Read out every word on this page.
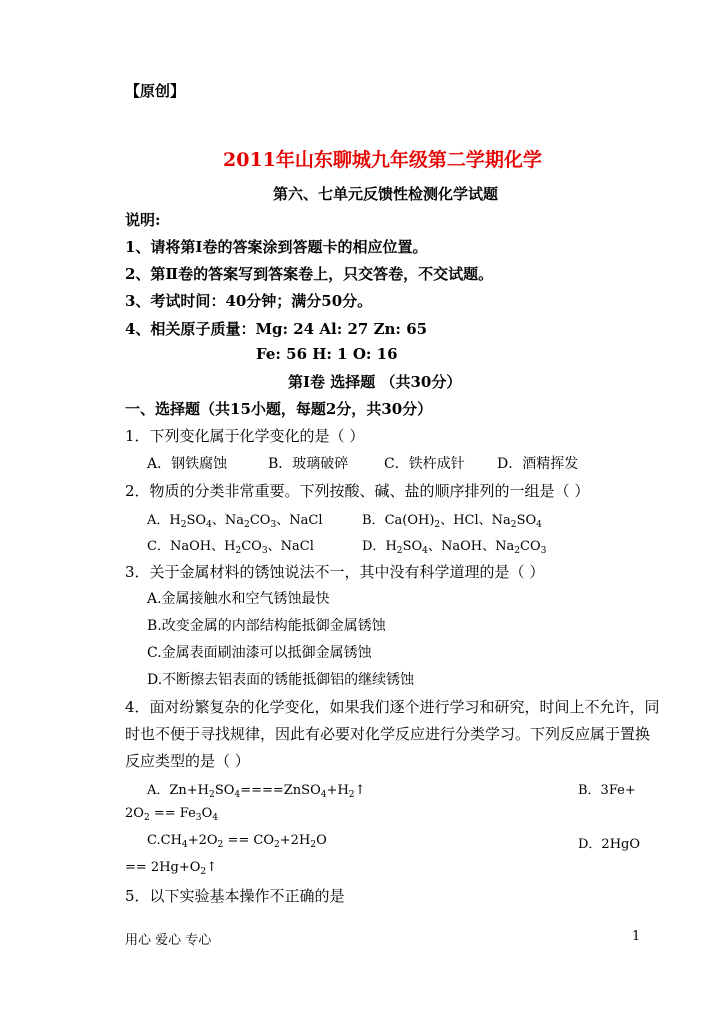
【原创】
2011年山东聊城九年级第二学期化学
第六、七单元反馈性检测化学试题
说明:
1、请将第Ⅰ卷的答案涂到答题卡的相应位置。
2、第Ⅱ卷的答案写到答案卷上，只交答卷，不交试题。
3、考试时间：40分钟；满分50分。
4、相关原子质量：Mg: 24 Al: 27 Zn: 65
Fe: 56 H: 1 O: 16
第Ⅰ卷 选择题 （共30分）
一、选择题（共15小题，每题2分，共30分）
1．下列变化属于化学变化的是（ ）
A．钢铁腐蚀	B．玻璃破碎	C．铁杵成针 D．酒精挥发
2．物质的分类非常重要。下列按酸、碱、盐的顺序排列的一组是（ ）
A．$H_2SO_4$、$Na_2CO_3$、NaCl	B．$Ca(OH)_2$、HCl、$Na_2SO_4$
C．NaOH、$H_2CO_3$、NaCl	D．$H_2SO_4$、NaOH、$Na_2CO_3$
3．关于金属材料的锈蚀说法不一，其中没有科学道理的是（ ）
A.金属接触水和空气锈蚀最快
B.改变金属的内部结构能抵御金属锈蚀
C.金属表面刷油漆可以抵御金属锈蚀
D.不断擦去铝表面的锈能抵御铝的继续锈蚀
4．面对纷繁复杂的化学变化，如果我们逐个进行学习和研究，时间上不允许，同
时也不便于寻找规律，因此有必要对化学反应进行分类学习。下列反应属于置换
反应类型的是（ ）
A．$Zn+H_2SO_4====ZnSO_4+H_2↑$	B．3Fe+
$2O_2 == Fe_3O_4$
$C.CH_4+2O_2 == CO_2+2H_2O$	D．2HgO
== $2Hg+O_2↑$
5．以下实验基本操作不正确的是
用心 爱心 专心	1
